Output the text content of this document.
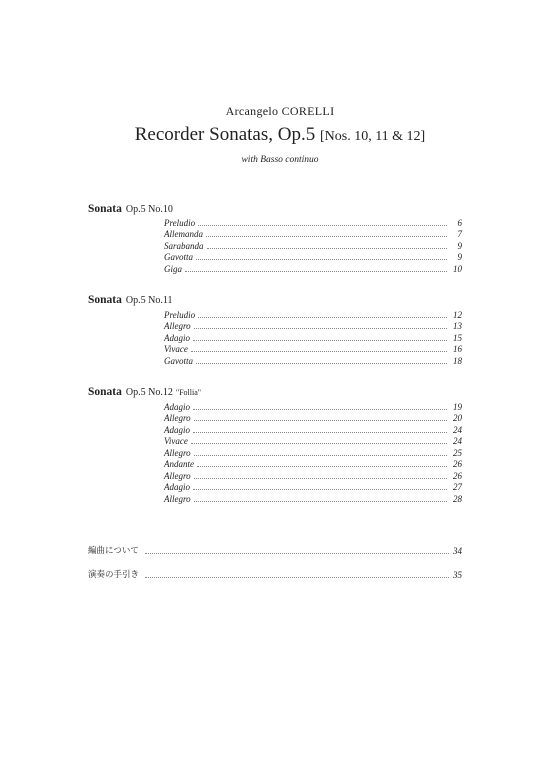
Arcangelo CORELLI
Recorder Sonatas, Op.5 [Nos. 10, 11 & 12]
with Basso continuo
Sonata Op.5 No.10
Preludio	6
Allemanda	7
Sarabanda	9
Gavotta	9
Giga	10
Sonata Op.5 No.11
Preludio	12
Allegro	13
Adagio	15
Vivace	16
Gavotta	18
Sonata Op.5 No.12 "Follia"
Adagio	19
Allegro	20
Adagio	24
Vivace	24
Allegro	25
Andante	26
Allegro	26
Adagio	27
Allegro	28
編曲について	34
演奏の手引き	35
